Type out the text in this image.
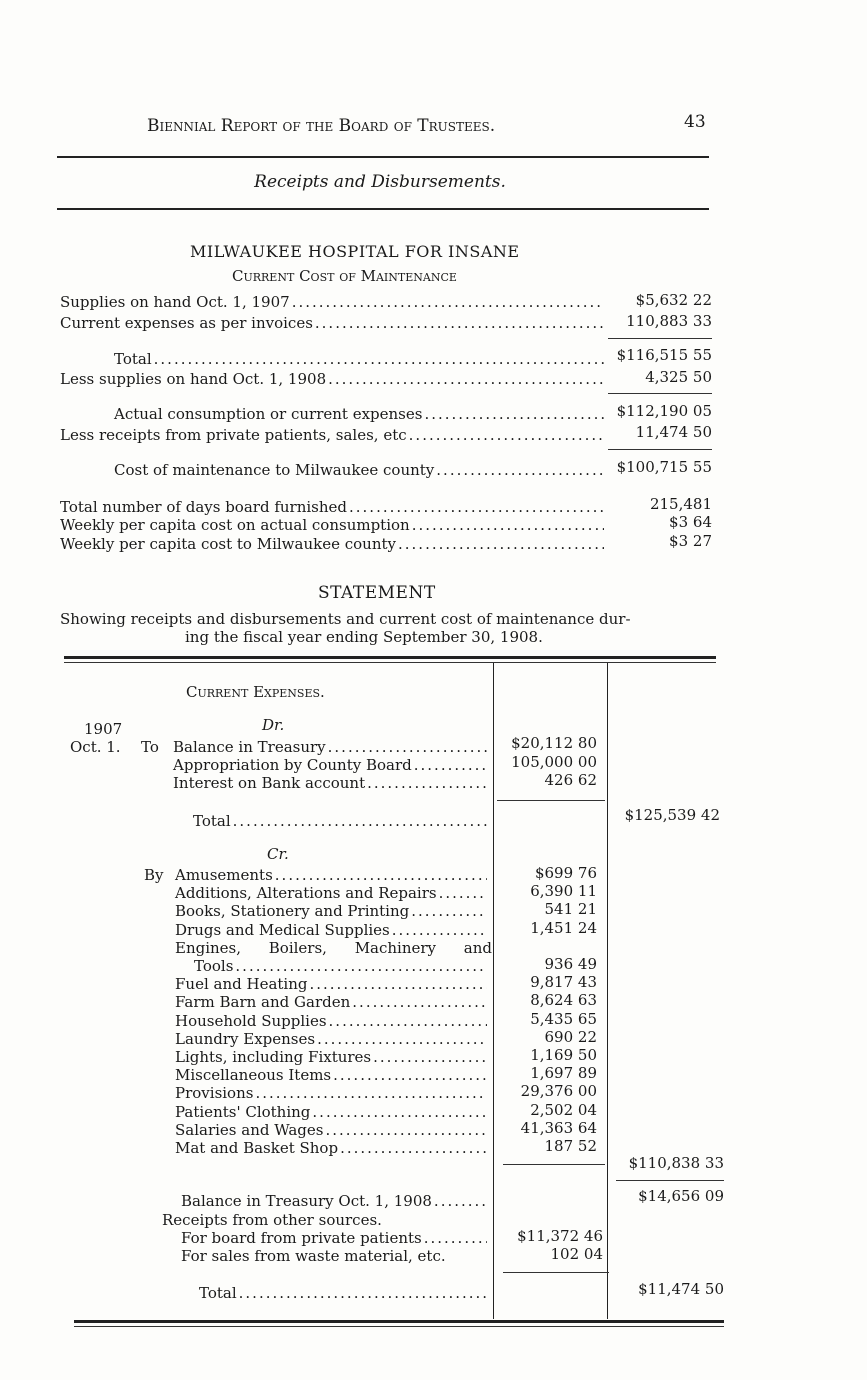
Biennial Report of the Board of Trustees.	43
Receipts and Disbursements.
MILWAUKEE HOSPITAL FOR INSANE
Current Cost of Maintenance
Supplies on hand Oct. 1, 1907 .....	$5,632 22
Current expenses as per invoices .....	110,883 33
Total .....	$116,515 55
Less supplies on hand Oct. 1, 1908 .....	4,325 50
Actual consumption or current expenses .....	$112,190 05
Less receipts from private patients, sales, etc .....	11,474 50
Cost of maintenance to Milwaukee county .....	$100,715 55
Total number of days board furnished .....	215,481
Weekly per capita cost on actual consumption .....	$3 64
Weekly per capita cost to Milwaukee county .....	$3 27
STATEMENT
Showing receipts and disbursements and current cost of maintenance dur-
ing the fiscal year ending September 30, 1908.
Current Expenses.
1907	Dr.
Oct. 1. To Balance in Treasury .....	$20,112 80
Appropriation by County Board .....	105,000 00
Interest on Bank account .....	426 62
Total .....	$125,539 42
Cr.
By Amusements .....	$699 76
Additions, Alterations and Repairs .....	6,390 11
Books, Stationery and Printing .....	541 21
Drugs and Medical Supplies .....	1,451 24
Engines, Boilers, Machinery and
Tools .....	936 49
Fuel and Heating .....	9,817 43
Farm Barn and Garden .....	8,624 63
Household Supplies .....	5,435 65
Laundry Expenses .....	690 22
Lights, including Fixtures .....	1,169 50
Miscellaneous Items .....	1,697 89
Provisions .....	29,376 00
Patients' Clothing .....	2,502 04
Salaries and Wages .....	41,363 64
Mat and Basket Shop .....	187 52
$110,838 33
Balance in Treasury Oct. 1, 1908 .....	$14,656 09
Receipts from other sources.
For board from private patients .....	$11,372 46
For sales from waste material, etc.	102 04
Total .....	$11,474 50
